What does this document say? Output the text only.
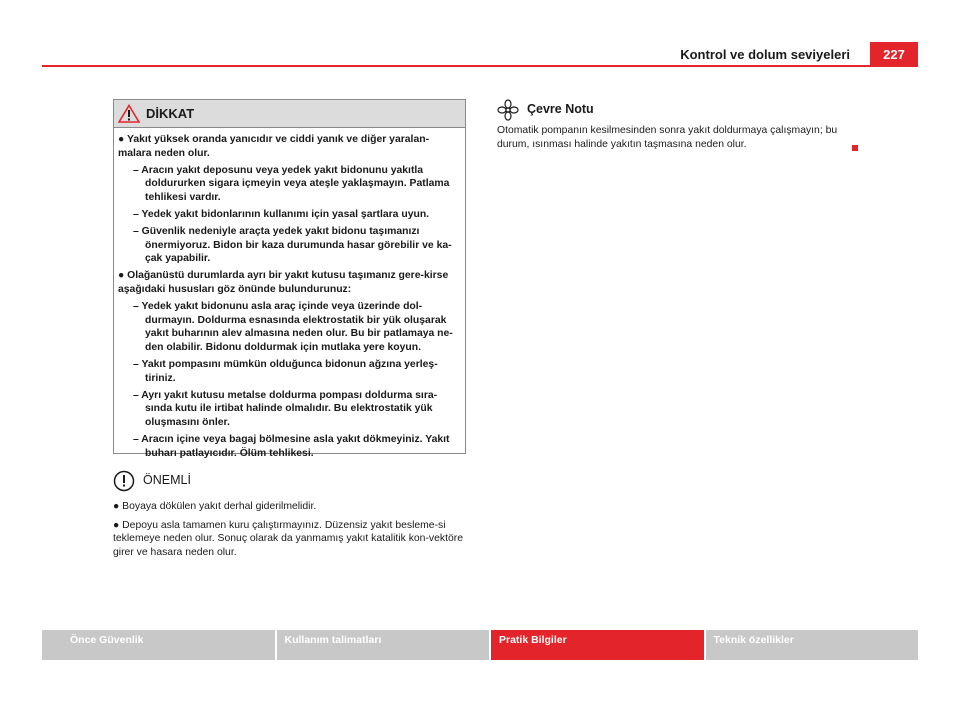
Kontrol ve dolum seviyeleri	227
DİKKAT

● Yakıt yüksek oranda yanıcıdır ve ciddi yanık ve diğer yaralan-malara neden olur.

– Aracın yakıt deposunu veya yedek yakıt bidonunu yakıtla doldururken sigara içmeyin veya ateşle yaklaşmayın. Patlama tehlikesi vardır.

– Yedek yakıt bidonlarının kullanımı için yasal şartlara uyun.

– Güvenlik nedeniyle araçta yedek yakıt bidonu taşımanızı önermiyoruz. Bidon bir kaza durumunda hasar görebilir ve ka-çak yapabilir.

● Olağanüstü durumlarda ayrı bir yakıt kutusu taşımanız gere-kirse aşağıdaki hususları göz önünde bulundurunuz:

– Yedek yakıt bidonunu asla araç içinde veya üzerinde dol-durmayın. Doldurma esnasında elektrostatik bir yük oluşarak yakıt buharının alev almasına neden olur. Bu bir patlamaya ne-den olabilir. Bidonu doldurmak için mutlaka yere koyun.

– Yakıt pompasını mümkün olduğunca bidonun ağzına yerleş-tiriniz.

– Ayrı yakıt kutusu metalse doldurma pompası doldurma sıra-sında kutu ile irtibat halinde olmalıdır. Bu elektrostatik yük oluşmasını önler.

– Aracın içine veya bagaj bölmesine asla yakıt dökmeyiniz. Yakıt buharı patlayıcıdır. Ölüm tehlikesi.

ÖNEMLİ

● Boyaya dökülen yakıt derhal giderilmelidir.

● Depoyu asla tamamen kuru çalıştırmayınız. Düzensiz yakıt besleme-si teklemeye neden olur. Sonuç olarak da yanmamış yakıt katalitik kon-vektöre girer ve hasara neden olur.

Çevre Notu

Otomatik pompanın kesilmesinden sonra yakıt doldurmaya çalışmayın; bu durum, ısınması halinde yakıtın taşmasına neden olur.

Önce Güvenlik	Kullanım talimatları	Pratik Bilgiler	Teknik özellikler
